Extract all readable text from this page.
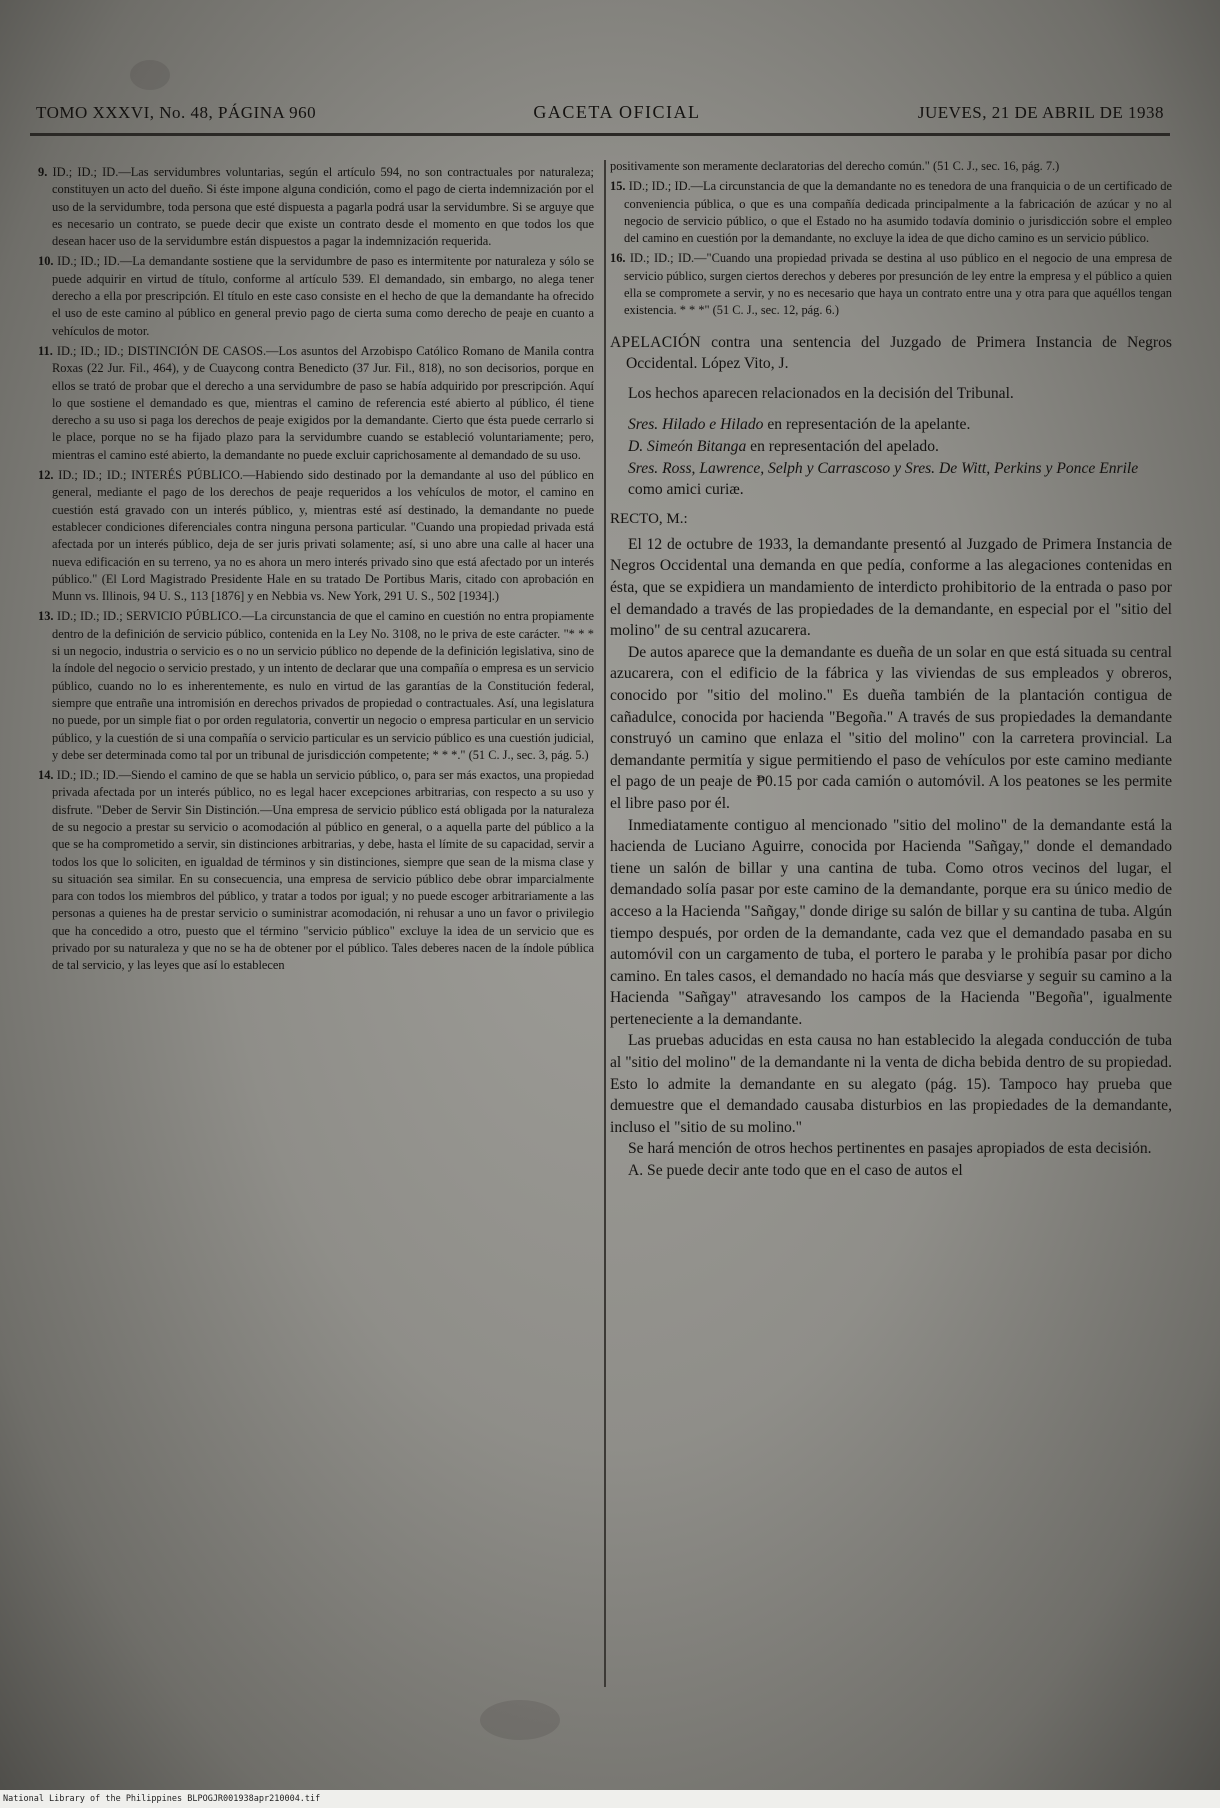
TOMO XXXVI, No. 48, PÁGINA 960	GACETA OFICIAL	JUEVES, 21 DE ABRIL DE 1938

9. ID.; ID.; ID.—Las servidumbres voluntarias, según el artículo 594, no son contractuales por naturaleza; constituyen un acto del dueño. Si éste impone alguna condición, como el pago de cierta indemnización por el uso de la servidumbre, toda persona que esté dispuesta a pagarla podrá usar la servidumbre. Si se arguye que es necesario un contrato, se puede decir que existe un contrato desde el momento en que todos los que desean hacer uso de la servidumbre están dispuestos a pagar la indemnización requerida.

10. ID.; ID.; ID.—La demandante sostiene que la servidumbre de paso es intermitente por naturaleza y sólo se puede adquirir en virtud de título, conforme al artículo 539. El demandado, sin embargo, no alega tener derecho a ella por prescripción. El título en este caso consiste en el hecho de que la demandante ha ofrecido el uso de este camino al público en general previo pago de cierta suma como derecho de peaje en cuanto a vehículos de motor.

11. ID.; ID.; ID.; DISTINCIÓN DE CASOS.—Los asuntos del Arzobispo Católico Romano de Manila contra Roxas (22 Jur. Fil., 464), y de Cuaycong contra Benedicto (37 Jur. Fil., 818), no son decisorios, porque en ellos se trató de probar que el derecho a una servidumbre de paso se había adquirido por prescripción. Aquí lo que sostiene el demandado es que, mientras el camino de referencia esté abierto al público, él tiene derecho a su uso si paga los derechos de peaje exigidos por la demandante. Cierto que ésta puede cerrarlo si le place, porque no se ha fijado plazo para la servidumbre cuando se estableció voluntariamente; pero, mientras el camino esté abierto, la demandante no puede excluir caprichosamente al demandado de su uso.

12. ID.; ID.; ID.; INTERÉS PÚBLICO.—Habiendo sido destinado por la demandante al uso del público en general, mediante el pago de los derechos de peaje requeridos a los vehículos de motor, el camino en cuestión está gravado con un interés público, y, mientras esté así destinado, la demandante no puede establecer condiciones diferenciales contra ninguna persona particular. "Cuando una propiedad privada está afectada por un interés público, deja de ser juris privati solamente; así, si uno abre una calle al hacer una nueva edificación en su terreno, ya no es ahora un mero interés privado sino que está afectado por un interés público." (El Lord Magistrado Presidente Hale en su tratado De Portibus Maris, citado con aprobación en Munn vs. Illinois, 94 U. S., 113 [1876] y en Nebbia vs. New York, 291 U. S., 502 [1934].)

13. ID.; ID.; ID.; SERVICIO PÚBLICO.—La circunstancia de que el camino en cuestión no entra propiamente dentro de la definición de servicio público, contenida en la Ley No. 3108, no le priva de este carácter. "* * * si un negocio, industria o servicio es o no un servicio público no depende de la definición legislativa, sino de la índole del negocio o servicio prestado, y un intento de declarar que una compañía o empresa es un servicio público, cuando no lo es inherentemente, es nulo en virtud de las garantías de la Constitución federal, siempre que entrañe una intromisión en derechos privados de propiedad o contractuales. Así, una legislatura no puede, por un simple fiat o por orden regulatoria, convertir un negocio o empresa particular en un servicio público, y la cuestión de si una compañía o servicio particular es un servicio público es una cuestión judicial, y debe ser determinada como tal por un tribunal de jurisdicción competente; * * *." (51 C. J., sec. 3, pág. 5.)

14. ID.; ID.; ID.—Siendo el camino de que se habla un servicio público, o, para ser más exactos, una propiedad privada afectada por un interés público, no es legal hacer excepciones arbitrarias, con respecto a su uso y disfrute. "Deber de Servir Sin Distinción.—Una empresa de servicio público está obligada por la naturaleza de su negocio a prestar su servicio o acomodación al público en general, o a aquella parte del público a la que se ha comprometido a servir, sin distinciones arbitrarias, y debe, hasta el límite de su capacidad, servir a todos los que lo soliciten, en igualdad de términos y sin distinciones, siempre que sean de la misma clase y su situación sea similar. En su consecuencia, una empresa de servicio público debe obrar imparcialmente para con todos los miembros del público, y tratar a todos por igual; y no puede escoger arbitrariamente a las personas a quienes ha de prestar servicio o suministrar acomodación, ni rehusar a uno un favor o privilegio que ha concedido a otro, puesto que el término "servicio público" excluye la idea de un servicio que es privado por su naturaleza y que no se ha de obtener por el público. Tales deberes nacen de la índole pública de tal servicio, y las leyes que así lo establecen

positivamente son meramente declaratorias del derecho común." (51 C. J., sec. 16, pág. 7.)

15. ID.; ID.; ID.—La circunstancia de que la demandante no es tenedora de una franquicia o de un certificado de conveniencia pública, o que es una compañía dedicada principalmente a la fabricación de azúcar y no al negocio de servicio público, o que el Estado no ha asumido todavía dominio o jurisdicción sobre el empleo del camino en cuestión por la demandante, no excluye la idea de que dicho camino es un servicio público.

16. ID.; ID.; ID.—"Cuando una propiedad privada se destina al uso público en el negocio de una empresa de servicio público, surgen ciertos derechos y deberes por presunción de ley entre la empresa y el público a quien ella se compromete a servir, y no es necesario que haya un contrato entre una y otra para que aquéllos tengan existencia. * * *" (51 C. J., sec. 12, pág. 6.)

APELACIÓN contra una sentencia del Juzgado de Primera Instancia de Negros Occidental. López Vito, J.

Los hechos aparecen relacionados en la decisión del Tribunal.

Sres. Hilado e Hilado en representación de la apelante.

D. Simeón Bitanga en representación del apelado.

Sres. Ross, Lawrence, Selph y Carrascoso y Sres. De Witt, Perkins y Ponce Enrile como amici curiæ.

RECTO, M.:

El 12 de octubre de 1933, la demandante presentó al Juzgado de Primera Instancia de Negros Occidental una demanda en que pedía, conforme a las alegaciones contenidas en ésta, que se expidiera un mandamiento de interdicto prohibitorio de la entrada o paso por el demandado a través de las propiedades de la demandante, en especial por el "sitio del molino" de su central azucarera.

De autos aparece que la demandante es dueña de un solar en que está situada su central azucarera, con el edificio de la fábrica y las viviendas de sus empleados y obreros, conocido por "sitio del molino." Es dueña también de la plantación contigua de cañadulce, conocida por hacienda "Begoña." A través de sus propiedades la demandante construyó un camino que enlaza el "sitio del molino" con la carretera provincial. La demandante permitía y sigue permitiendo el paso de vehículos por este camino mediante el pago de un peaje de ₱0.15 por cada camión o automóvil. A los peatones se les permite el libre paso por él.

Inmediatamente contiguo al mencionado "sitio del molino" de la demandante está la hacienda de Luciano Aguirre, conocida por Hacienda "Sañgay," donde el demandado tiene un salón de billar y una cantina de tuba. Como otros vecinos del lugar, el demandado solía pasar por este camino de la demandante, porque era su único medio de acceso a la Hacienda "Sañgay," donde dirige su salón de billar y su cantina de tuba. Algún tiempo después, por orden de la demandante, cada vez que el demandado pasaba en su automóvil con un cargamento de tuba, el portero le paraba y le prohibía pasar por dicho camino. En tales casos, el demandado no hacía más que desviarse y seguir su camino a la Hacienda "Sañgay" atravesando los campos de la Hacienda "Begoña", igualmente perteneciente a la demandante.

Las pruebas aducidas en esta causa no han establecido la alegada conducción de tuba al "sitio del molino" de la demandante ni la venta de dicha bebida dentro de su propiedad. Esto lo admite la demandante en su alegato (pág. 15). Tampoco hay prueba que demuestre que el demandado causaba disturbios en las propiedades de la demandante, incluso el "sitio de su molino."

Se hará mención de otros hechos pertinentes en pasajes apropiados de esta decisión.

A. Se puede decir ante todo que en el caso de autos el

National Library of the Philippines BLPOGJR001938apr210004.tif
